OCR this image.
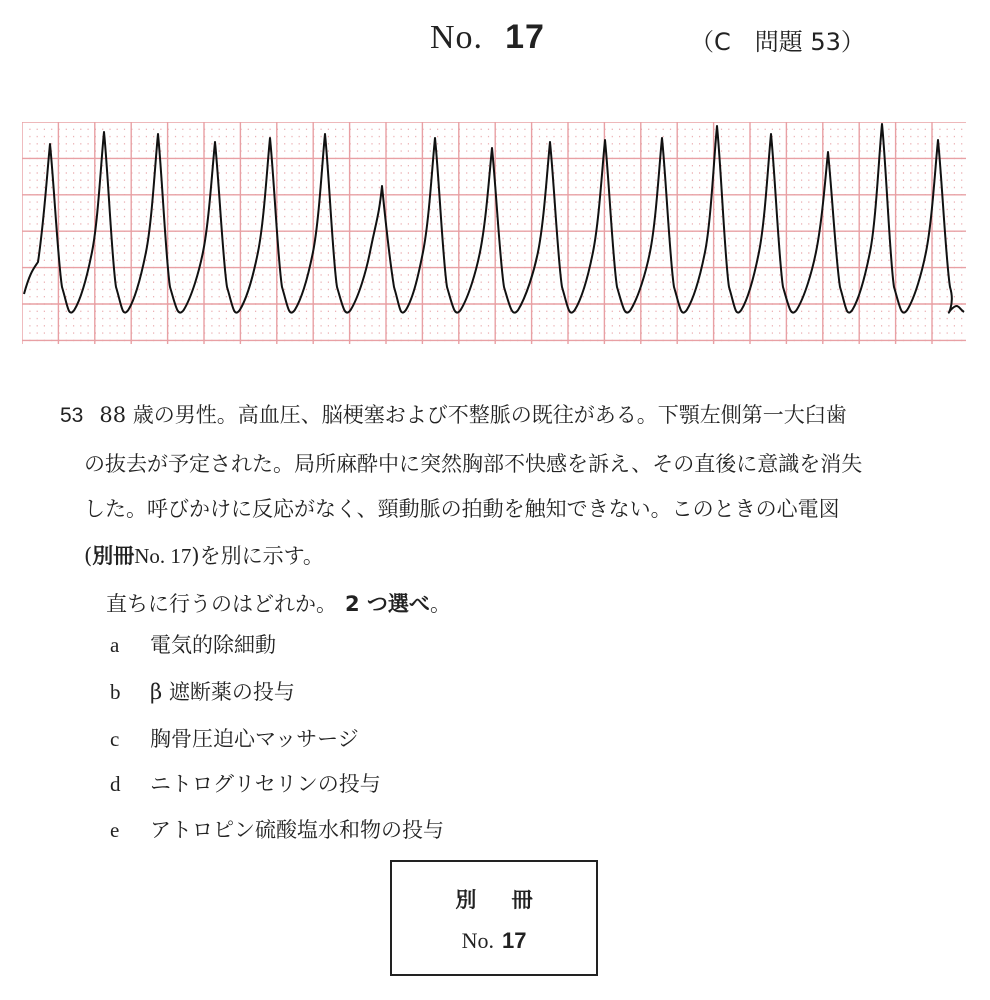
No. 17	（C　問題 53）
53 88 歳の男性。高血圧、脳梗塞および不整脈の既往がある。下顎左側第一大臼歯
の抜去が予定された。局所麻酔中に突然胸部不快感を訴え、その直後に意識を消失
した。呼びかけに反応がなく、頸動脈の拍動を触知できない。このときの心電図
(別冊No. 17)を別に示す。
直ちに行うのはどれか。 2 つ選べ。
a 電気的除細動
b β 遮断薬の投与
c 胸骨圧迫心マッサージ
d ニトログリセリンの投与
e アトロピン硫酸塩水和物の投与
別 冊
No. 17
